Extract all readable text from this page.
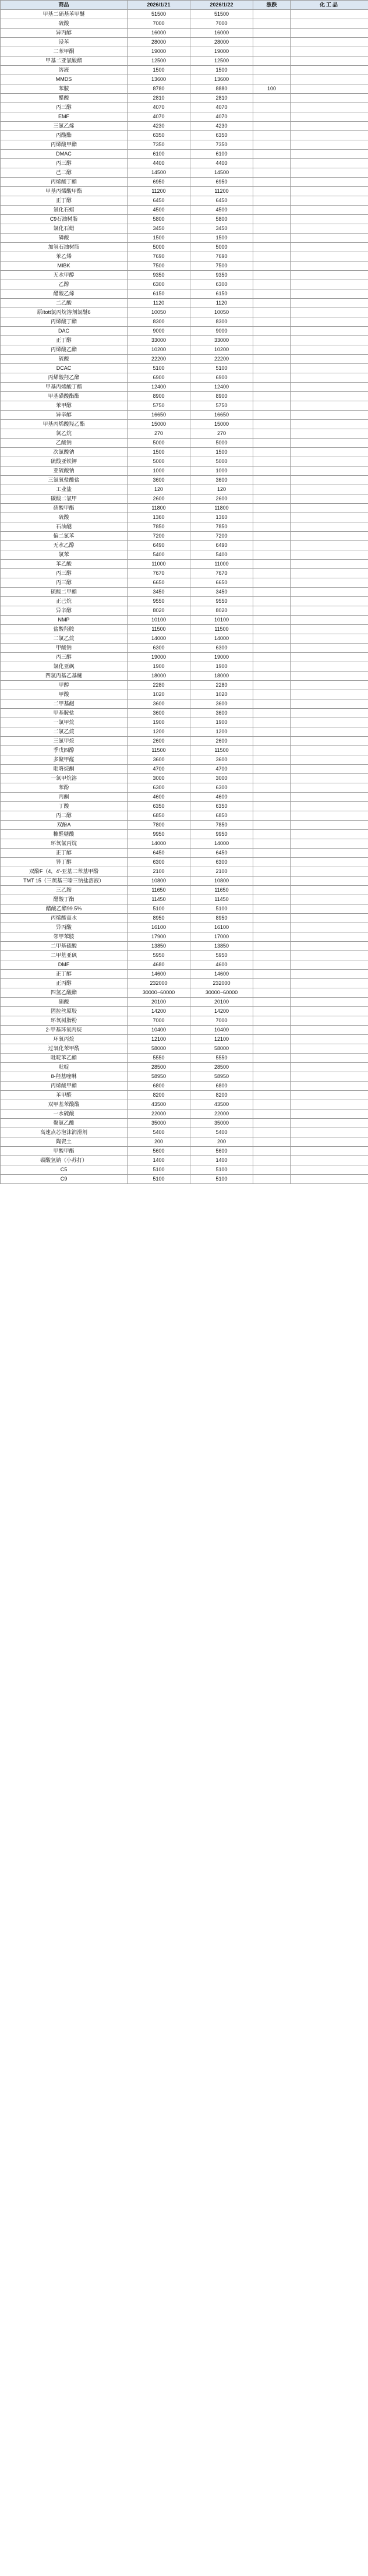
商品	2026/1/21	2026/1/22	涨跌	化工品
甲基二硝基苯甲醚	51500	51500		
硫酸	7000	7000		
异丙醇	16000	16000		
浸苯	28000	28000		
二苯甲酮	19000	19000		
甲基二亚氯酸酯	12500	12500		
溶液	1500	1500		
MMDS	13600	13600		
苯胺	8780	8880	100	
醋酸	2810	2810		
丙三醇	4070	4070		
EMF	4070	4070		
三氯乙烯	4230	4230		
丙酸酯	6350	6350		
丙烯酸甲酯	7350	7350		
DMAC	6100	6100		
丙三醇	4400	4400		
己二醇	14500	14500		
丙烯酸丁酯	6950	6950		
甲基丙烯酸甲酯	11200	11200		
正丁醇	6450	6450		
氯化石蜡	4500	4500		
C9石油树脂	5800	5800		
氯化石蜡	3450	3450		
磷酸	1500	1500		
加氢石油树脂	5000	5000		
苯乙烯	7690	7690		
MIBK	7500	7500		
无水甲醇	9350	9350		
乙醇	6300	6300		
醋酸乙烯	6150	6150		
二乙酸	1120	1120		
原ított氯丙烷溶剂氯醚6	10050	10050		
丙烯酸丁酯	8300	8300		
DAC	9000	9000		
正丁醇	33000	33000		
丙烯酸乙酯	10200	10200		
硫酸	22200	22200		
DCAC	5100	5100		
丙烯酸羟乙酯	6900	6900		
甲基丙烯酸丁酯	12400	12400		
甲基磺酸酯酯	8900	8900		
苯甲醇	5750	5750		
异辛醇	16650	16650		
甲基丙烯酸羟乙酯	15000	15000		
氯乙烷	270	270		
乙酸钠	5000	5000		
次氯酸钠	1500	1500		
硫酸亚铁钾	5000	5000		
亚硫酸钠	1000	1000		
三氯氧盐酸盐	3600	3600		
工业盐	120	120		
碳酸二氯甲	2600	2600		
硝酸甲酯	11800	11800		
硫酸	1360	1360		
石油醚	7850	7850		
偏二氯苯	7200	7200		
无水乙醇	6490	6490		
氯苯	5400	5400		
苯乙酸	11000	11000		
丙三醇	7670	7670		
丙三醇	6650	6650		
硫酸二甲酯	3450	3450		
正己烷	9550	9550		
异辛醇	8020	8020		
NMP	10100	10100		
盐酸羟胺	11500	11500		
二氯乙烷	14000	14000		
甲酸钠	6300	6300		
丙三醇	19000	19000		
氯化亚砜	1900	1900		
四氢丙基乙基醚	18000	18000		
甲醇	2280	2280		
甲酸	1020	1020		
二甲基醚	3600	3600		
甲基胺盐	3600	3600		
一氯甲烷	1900	1900		
二氯乙烷	1200	1200		
三氯甲烷	2600	2600		
季戊四醇	11500	11500		
多聚甲醛	3600	3600		
吡咯烷酮	4700	4700		
一氯甲烷溶	3000	3000		
苯酚	6300	6300		
丙酮	4600	4600		
丁酸	6350	6350		
丙二醇	6850	6850		
双酚A	7800	7850		
糠醛糖酸	9950	9950		
环氧氯丙烷	14000	14000		
正丁醇	6450	6450		
异丁醇	6300	6300		
双酚F（4，4'-亚基二苯基甲酚	2100	2100		
TMT 15（三巯基三嗪三钠盐溶液）	10800	10800		
三乙胺	11650	11650		
醋酸丁酯	11450	11450		
醋酸乙酯99.5%	5100	5100		
丙烯酸高水	8950	8950		
异丙酸	16100	16100		
邻甲苯胺	17900	17000		
二甲基硫酸	13850	13850		
二甲基亚砜	5950	5950		
DMF	4680	4600		
正丁醇	14600	14600		
正丙醇	232000	232000		
四氢乙酸酯	30000~60000	30000~60000		
硝酸	20100	20100		
固拉丝原胶	14200	14200		
环氧树脂粉	7000	7000		
2-甲基环氧丙烷	10400	10400		
环氧丙烷	12100	12100		
过氧化苯甲酰	58000	58000		
吡啶苯乙酯	5550	5550		
吡啶	28500	28500		
8-羟基喹啉	58950	58950		
丙烯酸甲酯	6800	6800		
苯甲醛	8200	8200		
双甲基苯酸酸	43500	43500		
一水硫酸	22000	22000		
聚氨乙酸	35000	35000		
高速点芯泡沫润滑剂	5400	5400		
陶瓷土	200	200		
甲酸甲酯	5600	5600		
碳酸氢钠（小苏打）	1400	1400		
C5	5100	5100		
C9	5100	5100		
